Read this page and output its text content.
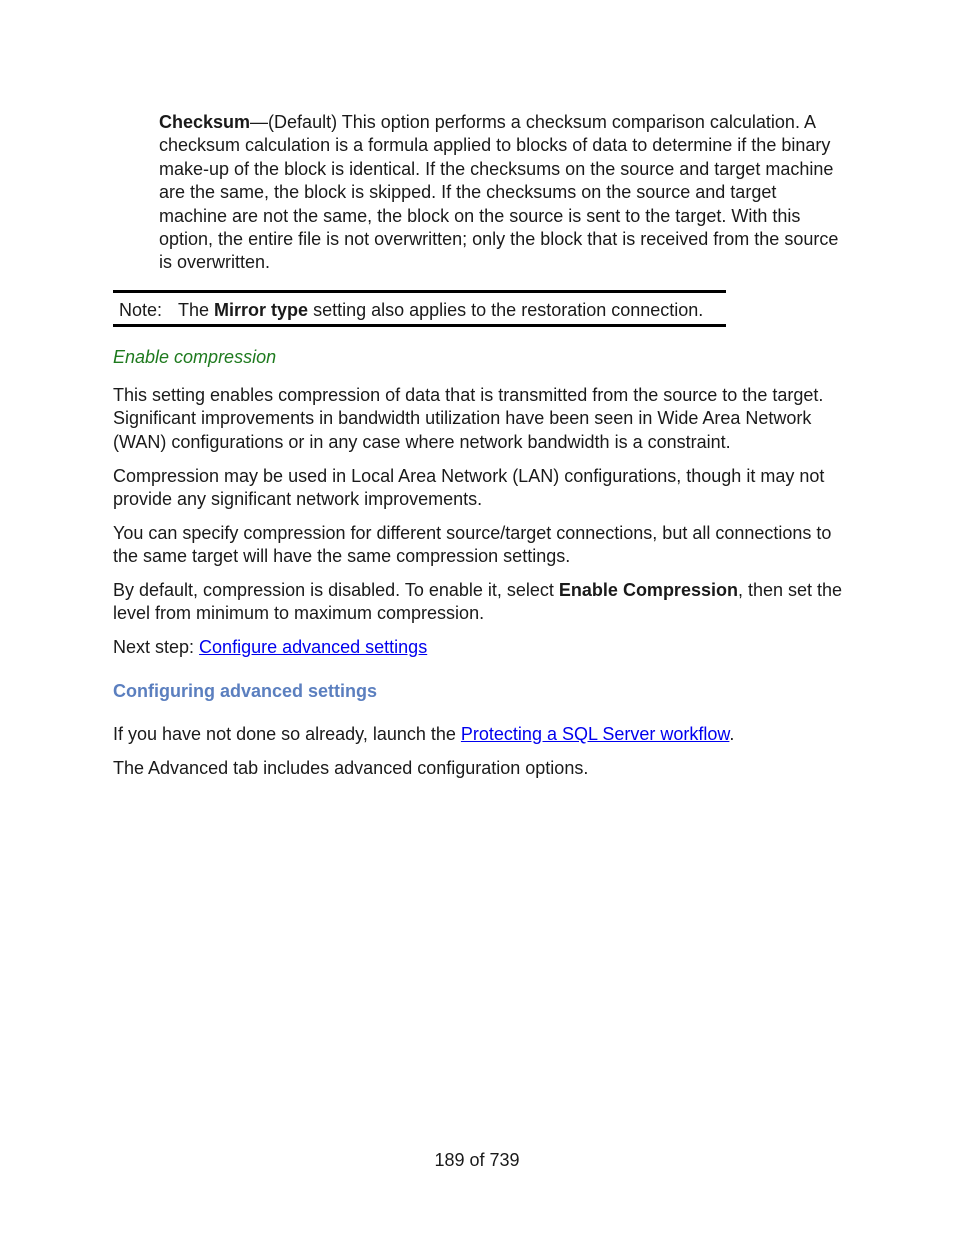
Checksum—(Default) This option performs a checksum comparison calculation. A checksum calculation is a formula applied to blocks of data to determine if the binary make-up of the block is identical. If the checksums on the source and target machine are the same, the block is skipped. If the checksums on the source and target machine are not the same, the block on the source is sent to the target. With this option, the entire file is not overwritten; only the block that is received from the source is overwritten.

Note: The Mirror type setting also applies to the restoration connection.

Enable compression

This setting enables compression of data that is transmitted from the source to the target. Significant improvements in bandwidth utilization have been seen in Wide Area Network (WAN) configurations or in any case where network bandwidth is a constraint.

Compression may be used in Local Area Network (LAN) configurations, though it may not provide any significant network improvements.

You can specify compression for different source/target connections, but all connections to the same target will have the same compression settings.

By default, compression is disabled. To enable it, select Enable Compression, then set the level from minimum to maximum compression.

Next step: Configure advanced settings

Configuring advanced settings

If you have not done so already, launch the Protecting a SQL Server workflow.

The Advanced tab includes advanced configuration options.

189 of 739
